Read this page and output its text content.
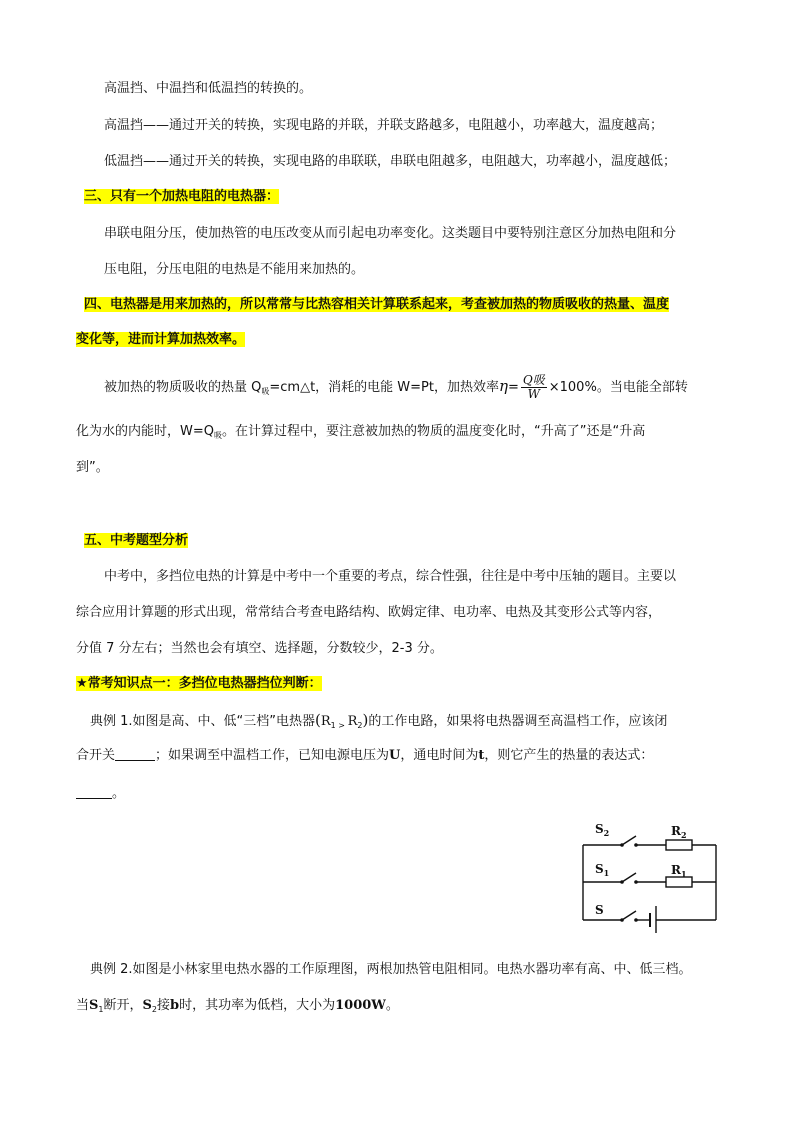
高温挡、中温挡和低温挡的转换的。
高温挡——通过开关的转换，实现电路的并联，并联支路越多，电阻越小，功率越大，温度越高；
低温挡——通过开关的转换，实现电路的串联联，串联电阻越多，电阻越大，功率越小，温度越低；
三、只有一个加热电阻的电热器：
串联电阻分压，使加热管的电压改变从而引起电功率变化。这类题目中要特别注意区分加热电阻和分
压电阻，分压电阻的电热是不能用来加热的。
四、电热器是用来加热的，所以常常与比热容相关计算联系起来，考查被加热的物质吸收的热量、温度
变化等，进而计算加热效率。
被加热的物质吸收的热量 $Q_吸=cm\triangle t$，消耗的电能 W=Pt，加热效率$\eta= \frac{\text{Q吸}}{W} \times 100\%$。当电能全部转
化为水的内能时，$W=Q_吸$。在计算过程中，要注意被加热的物质的温度变化时，“升高了”还是“升高
到”。
五、中考题型分析
中考中，多挡位电热的计算是中考中一个重要的考点，综合性强，往往是中考中压轴的题目。主要以
综合应用计算题的形式出现，常常结合考查电路结构、欧姆定律、电功率、电热及其变形公式等内容，
分值 7 分左右；当然也会有填空、选择题，分数较少，2-3 分。
★常考知识点一：多挡位电热器挡位判断：
典例 1.如图是高、中、低“三档”电热器($R_1$ $_>$ $R_2$)的工作电路，如果将电热器调至高温档工作，应该闭
合开关	；如果调至中温档工作，已知电源电压为U，通电时间为t，则它产生的热量的表达式：
。
$S_2$	$R_2$
$S_1$	$R_1$
S
典例 2.如图是小林家里电热水器的工作原理图，两根加热管电阻相同。电热水器功率有高、中、低三档。
当$S_1$断开，$S_2$接b时，其功率为低档，大小为1000W。
